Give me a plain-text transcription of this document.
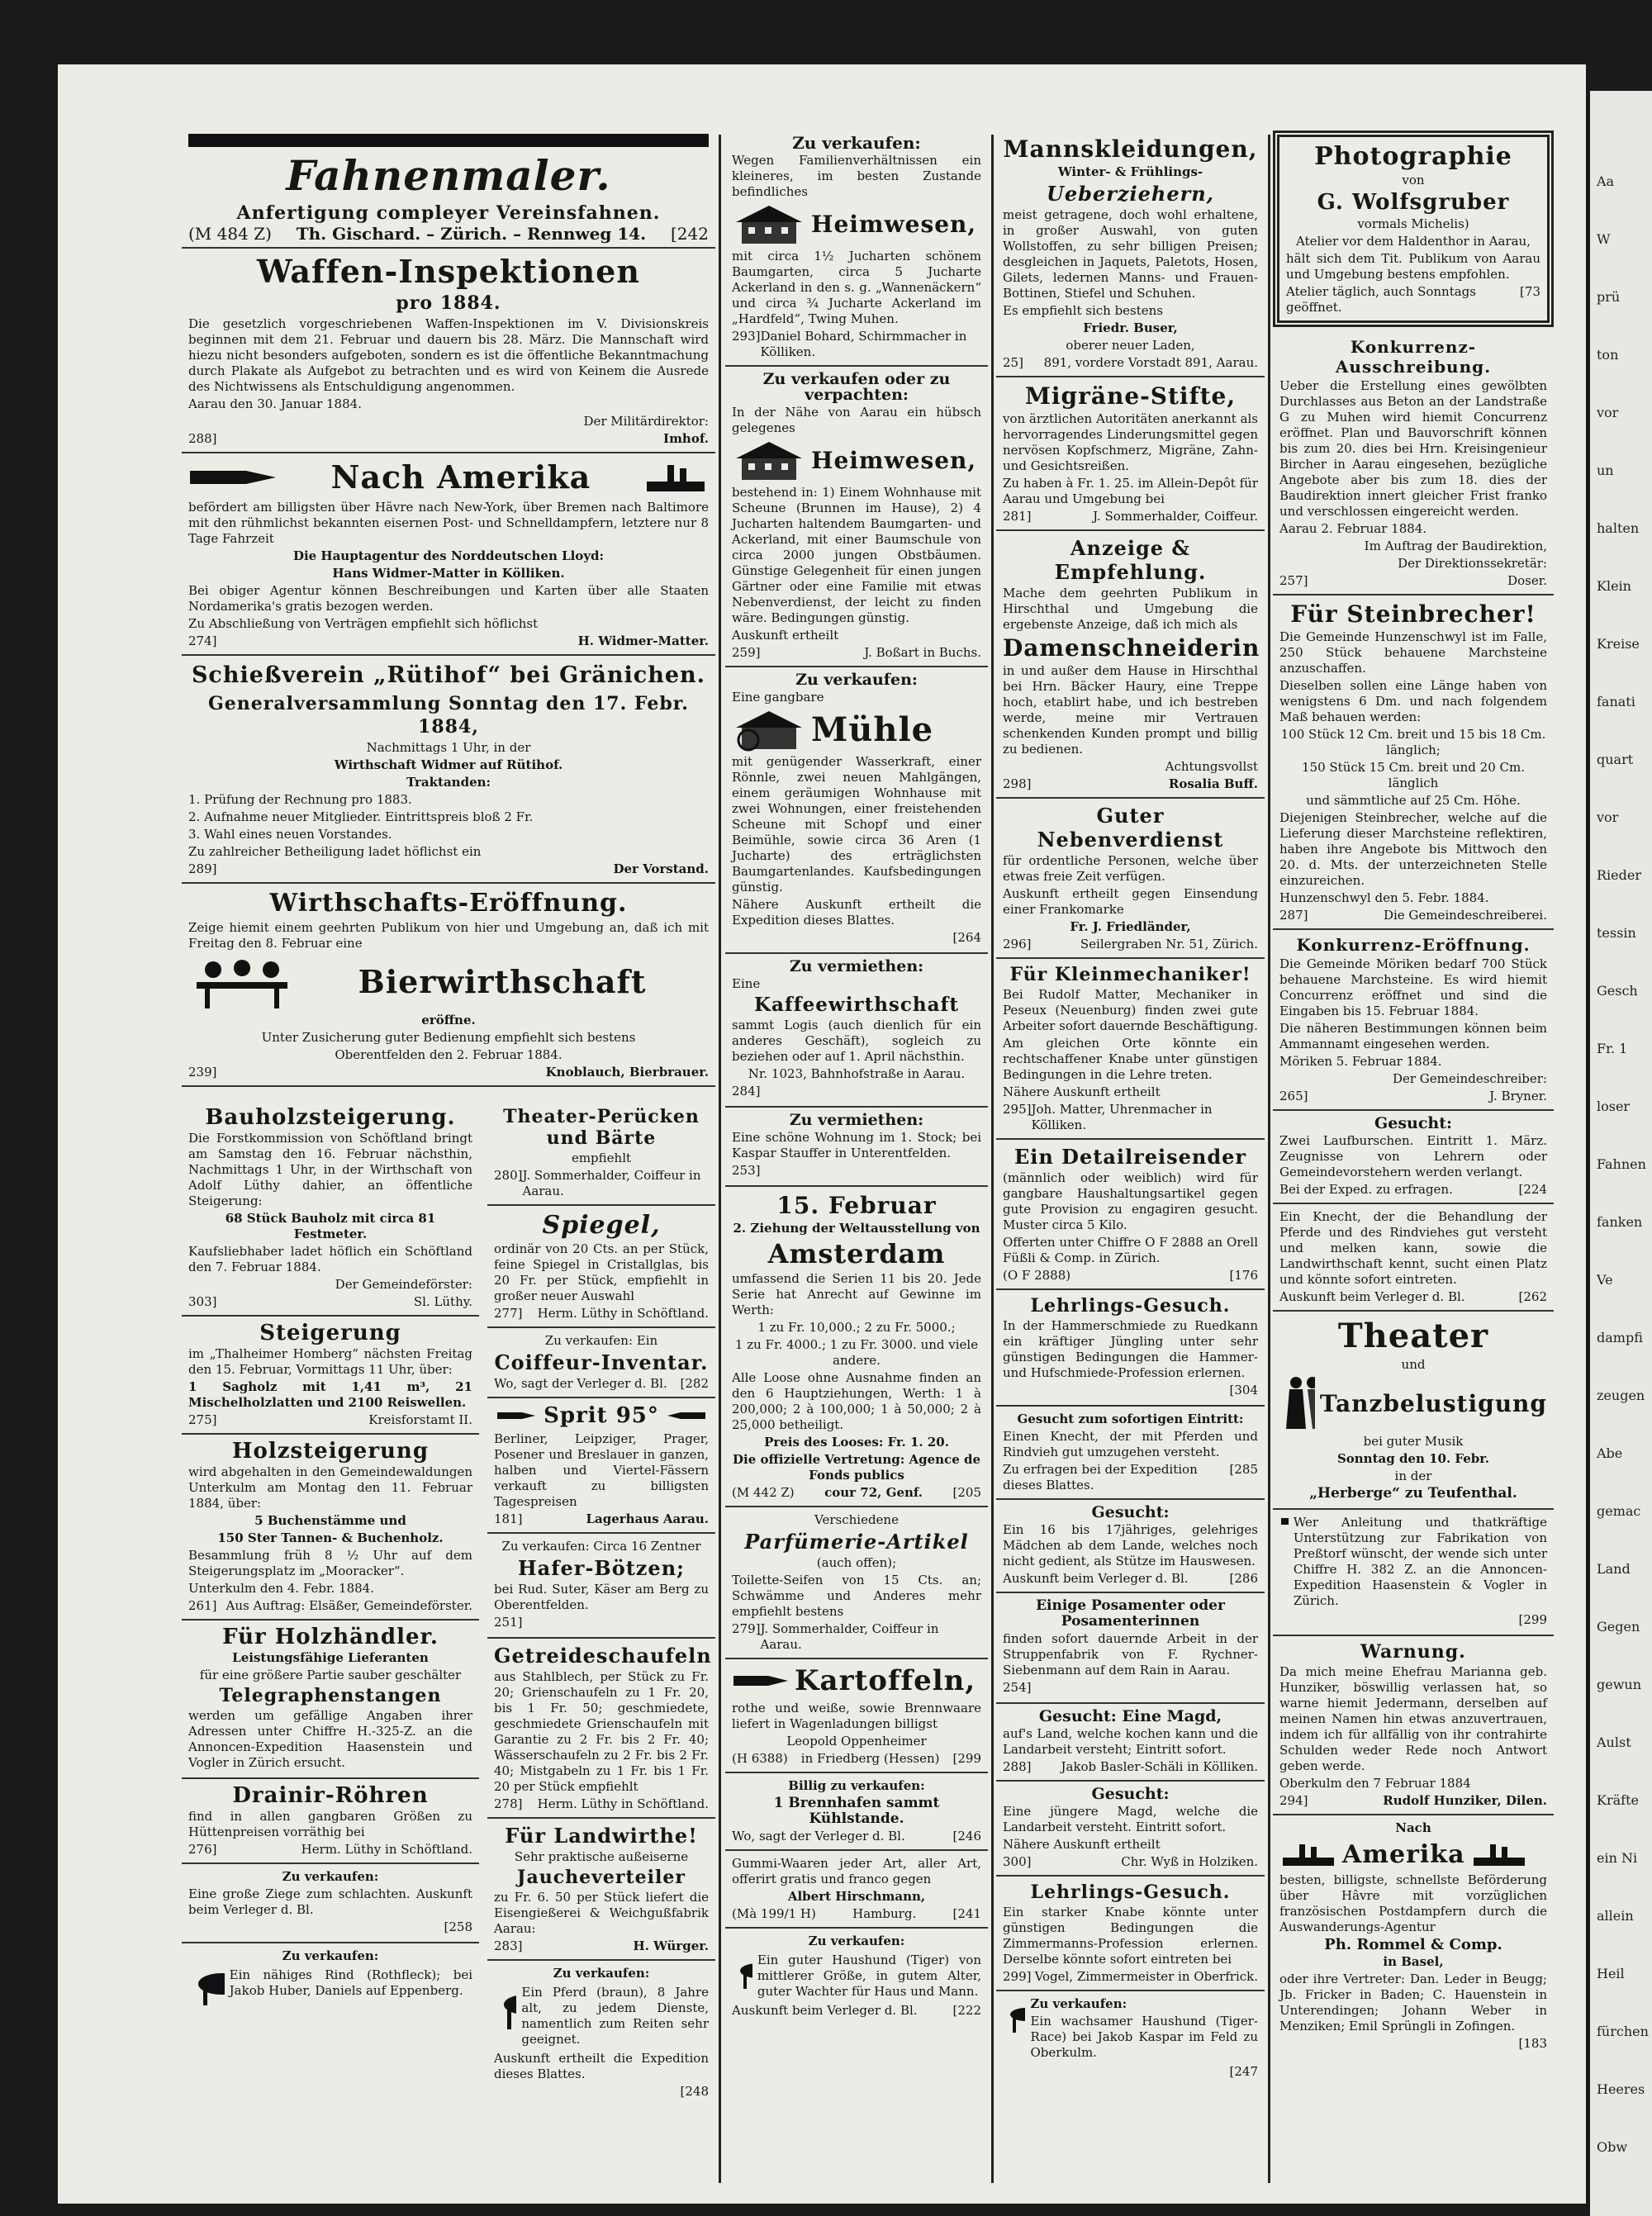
Fahnenmaler.
Anfertigung compleyer Vereinsfahnen.
(M 484 Z) Th. Gischard. – Zürich. – Rennweg 14. [242
Waffen-Inspektionen
pro 1884.

Die gesetzlich vorgeschriebenen Waffen-Inspektionen im V. Divisionskreis beginnen mit dem 21. Februar und dauern bis 28. März. Die Mannschaft wird hiezu nicht besonders aufgeboten, sondern es ist die öffentliche Bekanntmachung durch Plakate als Aufgebot zu betrachten und es wird von Keinem die Ausrede des Nichtwissens als Entschuldigung angenommen.

Aarau den 30. Januar 1884.

Der Militärdirektor:

288]	Imhof.
Nach Amerika

befördert am billigsten über Hävre nach New-York, über Bremen nach Baltimore mit den rühmlichst bekannten eisernen Post- und Schnelldampfern, letztere nur 8 Tage Fahrzeit

Die Hauptagentur des Norddeutschen Lloyd:

Hans Widmer-Matter in Kölliken.

Bei obiger Agentur können Beschreibungen und Karten über alle Staaten Nordamerika's gratis bezogen werden.

Zu Abschließung von Verträgen empfiehlt sich höflichst

274]	H. Widmer-Matter.
Schießverein „Rütihof“ bei Gränichen.
Generalversammlung Sonntag den 17. Febr. 1884,

Nachmittags 1 Uhr, in der

Wirthschaft Widmer auf Rütihof.

Traktanden:

1. Prüfung der Rechnung pro 1883.

2. Aufnahme neuer Mitglieder. Eintrittspreis bloß 2 Fr.

3. Wahl eines neuen Vorstandes.

Zu zahlreicher Betheiligung ladet höflichst ein

289]	Der Vorstand.
Wirthschafts-Eröffnung.

Zeige hiemit einem geehrten Publikum von hier und Umgebung an, daß ich mit Freitag den 8. Februar eine

Bierwirthschaft

eröffne.

Unter Zusicherung guter Bedienung empfiehlt sich bestens

Oberentfelden den 2. Februar 1884.

239]	Knoblauch, Bierbrauer.
Bauholzsteigerung.

Die Forstkommission von Schöftland bringt am Samstag den 16. Februar nächsthin, Nachmittags 1 Uhr, in der Wirthschaft von Adolf Lüthy dahier, an öffentliche Steigerung:

68 Stück Bauholz mit circa 81 Festmeter.

Kaufsliebhaber ladet höflich ein Schöftland den 7. Februar 1884.

Der Gemeindeförster:

303]	Sl. Lüthy.
Steigerung

im „Thalheimer Homberg“ nächsten Freitag den 15. Februar, Vormittags 11 Uhr, über:

1 Sagholz mit 1,41 m³, 21 Mischelholzlatten und 2100 Reiswellen.

275]	Kreisforstamt II.
Holzsteigerung

wird abgehalten in den Gemeindewaldungen Unterkulm am Montag den 11. Februar 1884, über:

5 Buchenstämme und

150 Ster Tannen- & Buchenholz.

Besammlung früh 8 ½ Uhr auf dem Steigerungsplatz im „Mooracker“.

Unterkulm den 4. Febr. 1884.

261] Aus Auftrag: Elsäßer, Gemeindeförster.
Für Holzhändler.

Leistungsfähige Lieferanten

für eine größere Partie sauber geschälter

Telegraphenstangen

werden um gefällige Angaben ihrer Adressen unter Chiffre H.-325-Z. an die Annoncen-Expedition Haasenstein und Vogler in Zürich ersucht.

Drainir-Röhren

find in allen gangbaren Größen zu Hüttenpreisen vorräthig bei

276]	Herm. Lüthy in Schöftland.

Zu verkaufen:

Eine große Ziege zum schlachten. Auskunft beim Verleger d. Bl.

[258

Zu verkaufen:

Ein nähiges Rind (Rothfleck); bei Jakob Huber, Daniels auf Eppenberg.

Theater-Perücken und Bärte

empfiehlt

280] J. Sommerhalder, Coiffeur in Aarau.
Spiegel,

ordinär von 20 Cts. an per Stück, feine Spiegel in Cristallglas, bis 20 Fr. per Stück, empfiehlt in großer neuer Auswahl

277] Herm. Lüthy in Schöftland.

Zu verkaufen: Ein

Coiffeur-Inventar.
Wo, sagt der Verleger d. Bl. [282
Sprit 95°

Berliner, Leipziger, Prager, Posener und Breslauer in ganzen, halben und Viertel-Fässern verkauft zu billigsten Tagespreisen

181]	Lagerhaus Aarau.

Zu verkaufen: Circa 16 Zentner

Hafer-Bötzen;

bei Rud. Suter, Käser am Berg zu Oberentfelden.

251]

Getreideschaufeln

aus Stahlblech, per Stück zu Fr. 20; Grienschaufeln zu 1 Fr. 20, bis 1 Fr. 50; geschmiedete, geschmiedete Grienschaufeln mit Garantie zu 2 Fr. bis 2 Fr. 40; Wässerschaufeln zu 2 Fr. bis 2 Fr. 40; Mistgabeln zu 1 Fr. bis 1 Fr. 20 per Stück empfiehlt

278] Herm. Lüthy in Schöftland.
Für Landwirthe!

Sehr praktische außeiserne

Jaucheverteiler

zu Fr. 6. 50 per Stück liefert die Eisengießerei & Weichgußfabrik Aarau:

283]	H. Würger.

Zu verkaufen:

Ein Pferd (braun), 8 Jahre alt, zu jedem Dienste, namentlich zum Reiten sehr geeignet.

Auskunft ertheilt die Expedition dieses Blattes.

[248

Zu verkaufen:

Wegen Familienverhältnissen ein kleineres, im besten Zustande befindliches

Heimwesen,

mit circa 1½ Jucharten schönem Baumgarten, circa 5 Jucharte Ackerland in den s. g. „Wannenäckern“ und circa ¾ Jucharte Ackerland im „Hardfeld“, Twing Muhen.

293] Daniel Bohard, Schirmmacher in Kölliken.

Zu verkaufen oder zu verpachten:

In der Nähe von Aarau ein hübsch gelegenes

Heimwesen,

bestehend in: 1) Einem Wohnhause mit Scheune (Brunnen im Hause), 2) 4 Jucharten haltendem Baumgarten- und Ackerland, mit einer Baumschule von circa 2000 jungen Obstbäumen. Günstige Gelegenheit für einen jungen Gärtner oder eine Familie mit etwas Nebenverdienst, der leicht zu finden wäre. Bedingungen günstig.

Auskunft ertheilt

259]	J. Boßart in Buchs.

Zu verkaufen:

Eine gangbare

Mühle

mit genügender Wasserkraft, einer Rönnle, zwei neuen Mahlgängen, einem geräumigen Wohnhause mit zwei Wohnungen, einer freistehenden Scheune mit Schopf und einer Beimühle, sowie circa 36 Aren (1 Jucharte) des erträglichsten Baumgartenlandes. Kaufsbedingungen günstig.

Nähere Auskunft ertheilt die Expedition dieses Blattes.

[264

Zu vermiethen:

Eine

Kaffeewirthschaft

sammt Logis (auch dienlich für ein anderes Geschäft), sogleich zu beziehen oder auf 1. April nächsthin.

Nr. 1023, Bahnhofstraße in Aarau.

284]

Zu vermiethen:

Eine schöne Wohnung im 1. Stock; bei Kaspar Stauffer in Unterentfelden.

253]

15. Februar

2. Ziehung der Weltausstellung von

Amsterdam

umfassend die Serien 11 bis 20. Jede Serie hat Anrecht auf Gewinne im Werth:

1 zu Fr. 10,000.; 2 zu Fr. 5000.;

1 zu Fr. 4000.; 1 zu Fr. 3000. und viele andere.

Alle Loose ohne Ausnahme finden an den 6 Hauptziehungen, Werth: 1 à 200,000; 2 à 100,000; 1 à 50,000; 2 à 25,000 betheiligt.

Preis des Looses: Fr. 1. 20.

Die offizielle Vertretung: Agence de Fonds publics

(M 442 Z) cour 72, Genf. [205

Verschiedene

Parfümerie-Artikel

(auch offen);

Toilette-Seifen von 15 Cts. an; Schwämme und Anderes mehr empfiehlt bestens

279] J. Sommerhalder, Coiffeur in Aarau.
Kartoffeln,

rothe und weiße, sowie Brennwaare liefert in Wagenladungen billigst

Leopold Oppenheimer

(H 6388) in Friedberg (Hessen) [299

Billig zu verkaufen:

1 Brennhafen sammt Kühlstande.

Wo, sagt der Verleger d. Bl.	[246

Gummi-Waaren jeder Art, aller Art, offerirt gratis und franco gegen

Albert Hirschmann,

(Mà 199/1 H)	Hamburg.	[241

Zu verkaufen:

Ein guter Haushund (Tiger) von mittlerer Größe, in gutem Alter, guter Wachter für Haus und Mann.

Auskunft beim Verleger d. Bl.	[222
Mannskleidungen,

Winter- & Frühlings-

Ueberziehern,

meist getragene, doch wohl erhaltene, in großer Auswahl, von guten Wollstoffen, zu sehr billigen Preisen; desgleichen in Jaquets, Paletots, Hosen, Gilets, ledernen Manns- und Frauen-Bottinen, Stiefel und Schuhen.

Es empfiehlt sich bestens

Friedr. Buser,

oberer neuer Laden,

25] 891, vordere Vorstadt 891, Aarau.
Migräne-Stifte,

von ärztlichen Autoritäten anerkannt als hervorragendes Linderungsmittel gegen nervösen Kopfschmerz, Migräne, Zahn- und Gesichtsreißen.

Zu haben à Fr. 1. 25. im Allein-Depôt für Aarau und Umgebung bei

281]	J. Sommerhalder, Coiffeur.
Anzeige & Empfehlung.

Mache dem geehrten Publikum in Hirschthal und Umgebung die ergebenste Anzeige, daß ich mich als

Damenschneiderin

in und außer dem Hause in Hirschthal bei Hrn. Bäcker Haury, eine Treppe hoch, etablirt habe, und ich bestreben werde, meine mir Vertrauen schenkenden Kunden prompt und billig zu bedienen.

Achtungsvollst

298]	Rosalia Buff.
Guter Nebenverdienst

für ordentliche Personen, welche über etwas freie Zeit verfügen.

Auskunft ertheilt gegen Einsendung einer Frankomarke

Fr. J. Friedländer,

296]	Seilergraben Nr. 51, Zürich.
Für Kleinmechaniker!

Bei Rudolf Matter, Mechaniker in Peseux (Neuenburg) finden zwei gute Arbeiter sofort dauernde Beschäftigung.

Am gleichen Orte könnte ein rechtschaffener Knabe unter günstigen Bedingungen in die Lehre treten.

Nähere Auskunft ertheilt

295] Joh. Matter, Uhrenmacher in Kölliken.
Ein Detailreisender

(männlich oder weiblich) wird für gangbare Haushaltungsartikel gegen gute Provision zu engagiren gesucht. Muster circa 5 Kilo.

Offerten unter Chiffre O F 2888 an Orell Füßli & Comp. in Zürich.

(O F 2888)	[176
Lehrlings-Gesuch.

In der Hammerschmiede zu Ruedkann ein kräftiger Jüngling unter sehr günstigen Bedingungen die Hammer- und Hufschmiede-Profession erlernen.

[304

Gesucht zum sofortigen Eintritt:

Einen Knecht, der mit Pferden und Rindvieh gut umzugehen versteht.

Zu erfragen bei der Expedition dieses Blattes.
[285

Gesucht:

Ein 16 bis 17jähriges, gelehriges Mädchen ab dem Lande, welches noch nicht gedient, als Stütze im Hauswesen.

Auskunft beim Verleger d. Bl.	[286

Einige Posamenter oder Posamenterinnen

finden sofort dauernde Arbeit in der Struppenfabrik von F. Rychner-Siebenmann auf dem Rain in Aarau.

254]

Gesucht: Eine Magd,

auf's Land, welche kochen kann und die Landarbeit versteht; Eintritt sofort.

288] Jakob Basler-Schäli in Kölliken.

Gesucht:

Eine jüngere Magd, welche die Landarbeit versteht. Eintritt sofort.

Nähere Auskunft ertheilt

300]	Chr. Wyß in Holziken.
Lehrlings-Gesuch.

Ein starker Knabe könnte unter günstigen Bedingungen die Zimmermanns-Profession erlernen. Derselbe könnte sofort eintreten bei

299] Vogel, Zimmermeister in Oberfrick.

Zu verkaufen:

Ein wachsamer Haushund (Tiger-Race) bei Jakob Kaspar im Feld zu Oberkulm.

[247

Photographie

von

G. Wolfsgruber

vormals Michelis)

Atelier vor dem Haldenthor in Aarau,

hält sich dem Tit. Publikum von Aarau und Umgebung bestens empfohlen.

Atelier täglich, auch Sonntags geöffnet.
[73
Konkurrenz-Ausschreibung.

Ueber die Erstellung eines gewölbten Durchlasses aus Beton an der Landstraße G zu Muhen wird hiemit Concurrenz eröffnet. Plan und Bauvorschrift können bis zum 20. dies bei Hrn. Kreisingenieur Bircher in Aarau eingesehen, bezügliche Angebote aber bis zum 18. dies der Baudirektion innert gleicher Frist franko und verschlossen eingereicht werden.

Aarau 2. Februar 1884.

Im Auftrag der Baudirektion,

Der Direktionssekretär:

257]	Doser.
Für Steinbrecher!

Die Gemeinde Hunzenschwyl ist im Falle, 250 Stück behauene Marchsteine anzuschaffen.

Dieselben sollen eine Länge haben von wenigstens 6 Dm. und nach folgendem Maß behauen werden:

100 Stück 12 Cm. breit und 15 bis 18 Cm. länglich;

150 Stück 15 Cm. breit und 20 Cm. länglich

und sämmtliche auf 25 Cm. Höhe.

Diejenigen Steinbrecher, welche auf die Lieferung dieser Marchsteine reflektiren, haben ihre Angebote bis Mittwoch den 20. d. Mts. der unterzeichneten Stelle einzureichen.

Hunzenschwyl den 5. Febr. 1884.

287]	Die Gemeindeschreiberei.
Konkurrenz-Eröffnung.

Die Gemeinde Möriken bedarf 700 Stück behauene Marchsteine. Es wird hiemit Concurrenz eröffnet und sind die Eingaben bis 15. Februar 1884.

Die näheren Bestimmungen können beim Ammannamt eingesehen werden.

Möriken 5. Februar 1884.

Der Gemeindeschreiber:

265]	J. Bryner.

Gesucht:

Zwei Laufburschen. Eintritt 1. März. Zeugnisse von Lehrern oder Gemeindevorstehern werden verlangt.

Bei der Exped. zu erfragen.	[224

Ein Knecht, der die Behandlung der Pferde und des Rindviehes gut versteht und melken kann, sowie die Landwirthschaft kennt, sucht einen Platz und könnte sofort eintreten.

Auskunft beim Verleger d. Bl.	[262
Theater

und

Tanzbelustigung

bei guter Musik

Sonntag den 10. Febr.

in der

„Herberge“ zu Teufenthal.

Wer Anleitung und thatkräftige Unterstützung zur Fabrikation von Preßtorf wünscht, der wende sich unter Chiffre H. 382 Z. an die Annoncen-Expedition Haasenstein & Vogler in Zürich.

[299

Warnung.

Da mich meine Ehefrau Marianna geb. Hunziker, böswillig verlassen hat, so warne hiemit Jedermann, derselben auf meinen Namen hin etwas anzuvertrauen, indem ich für allfällig von ihr contrahirte Schulden weder Rede noch Antwort geben werde.

Oberkulm den 7 Februar 1884

294]	Rudolf Hunziker, Dilen.

Nach

Amerika

besten, billigste, schnellste Beförderung über Hâvre mit vorzüglichen französischen Postdampfern durch die Auswanderungs-Agentur

Ph. Rommel & Comp.

in Basel,

oder ihre Vertreter: Dan. Leder in Beugg; Jb. Fricker in Baden; C. Hauenstein in Unterendingen; Johann Weber in Menziken; Emil Sprüngli in Zofingen.

[183

Aa
W
prü
ton
vor
un
halten
Klein
Kreise
fanati
quart
vor
Rieder
tessin
Gesch
Fr. 1
loser
Fahnen
fanken
Ve
dampfi
zeugen
Abe
gemac
Land
Gegen
gewun
Aulst
Kräfte
ein Ni
allein
Heil
fürchen
Heeres
Obw
